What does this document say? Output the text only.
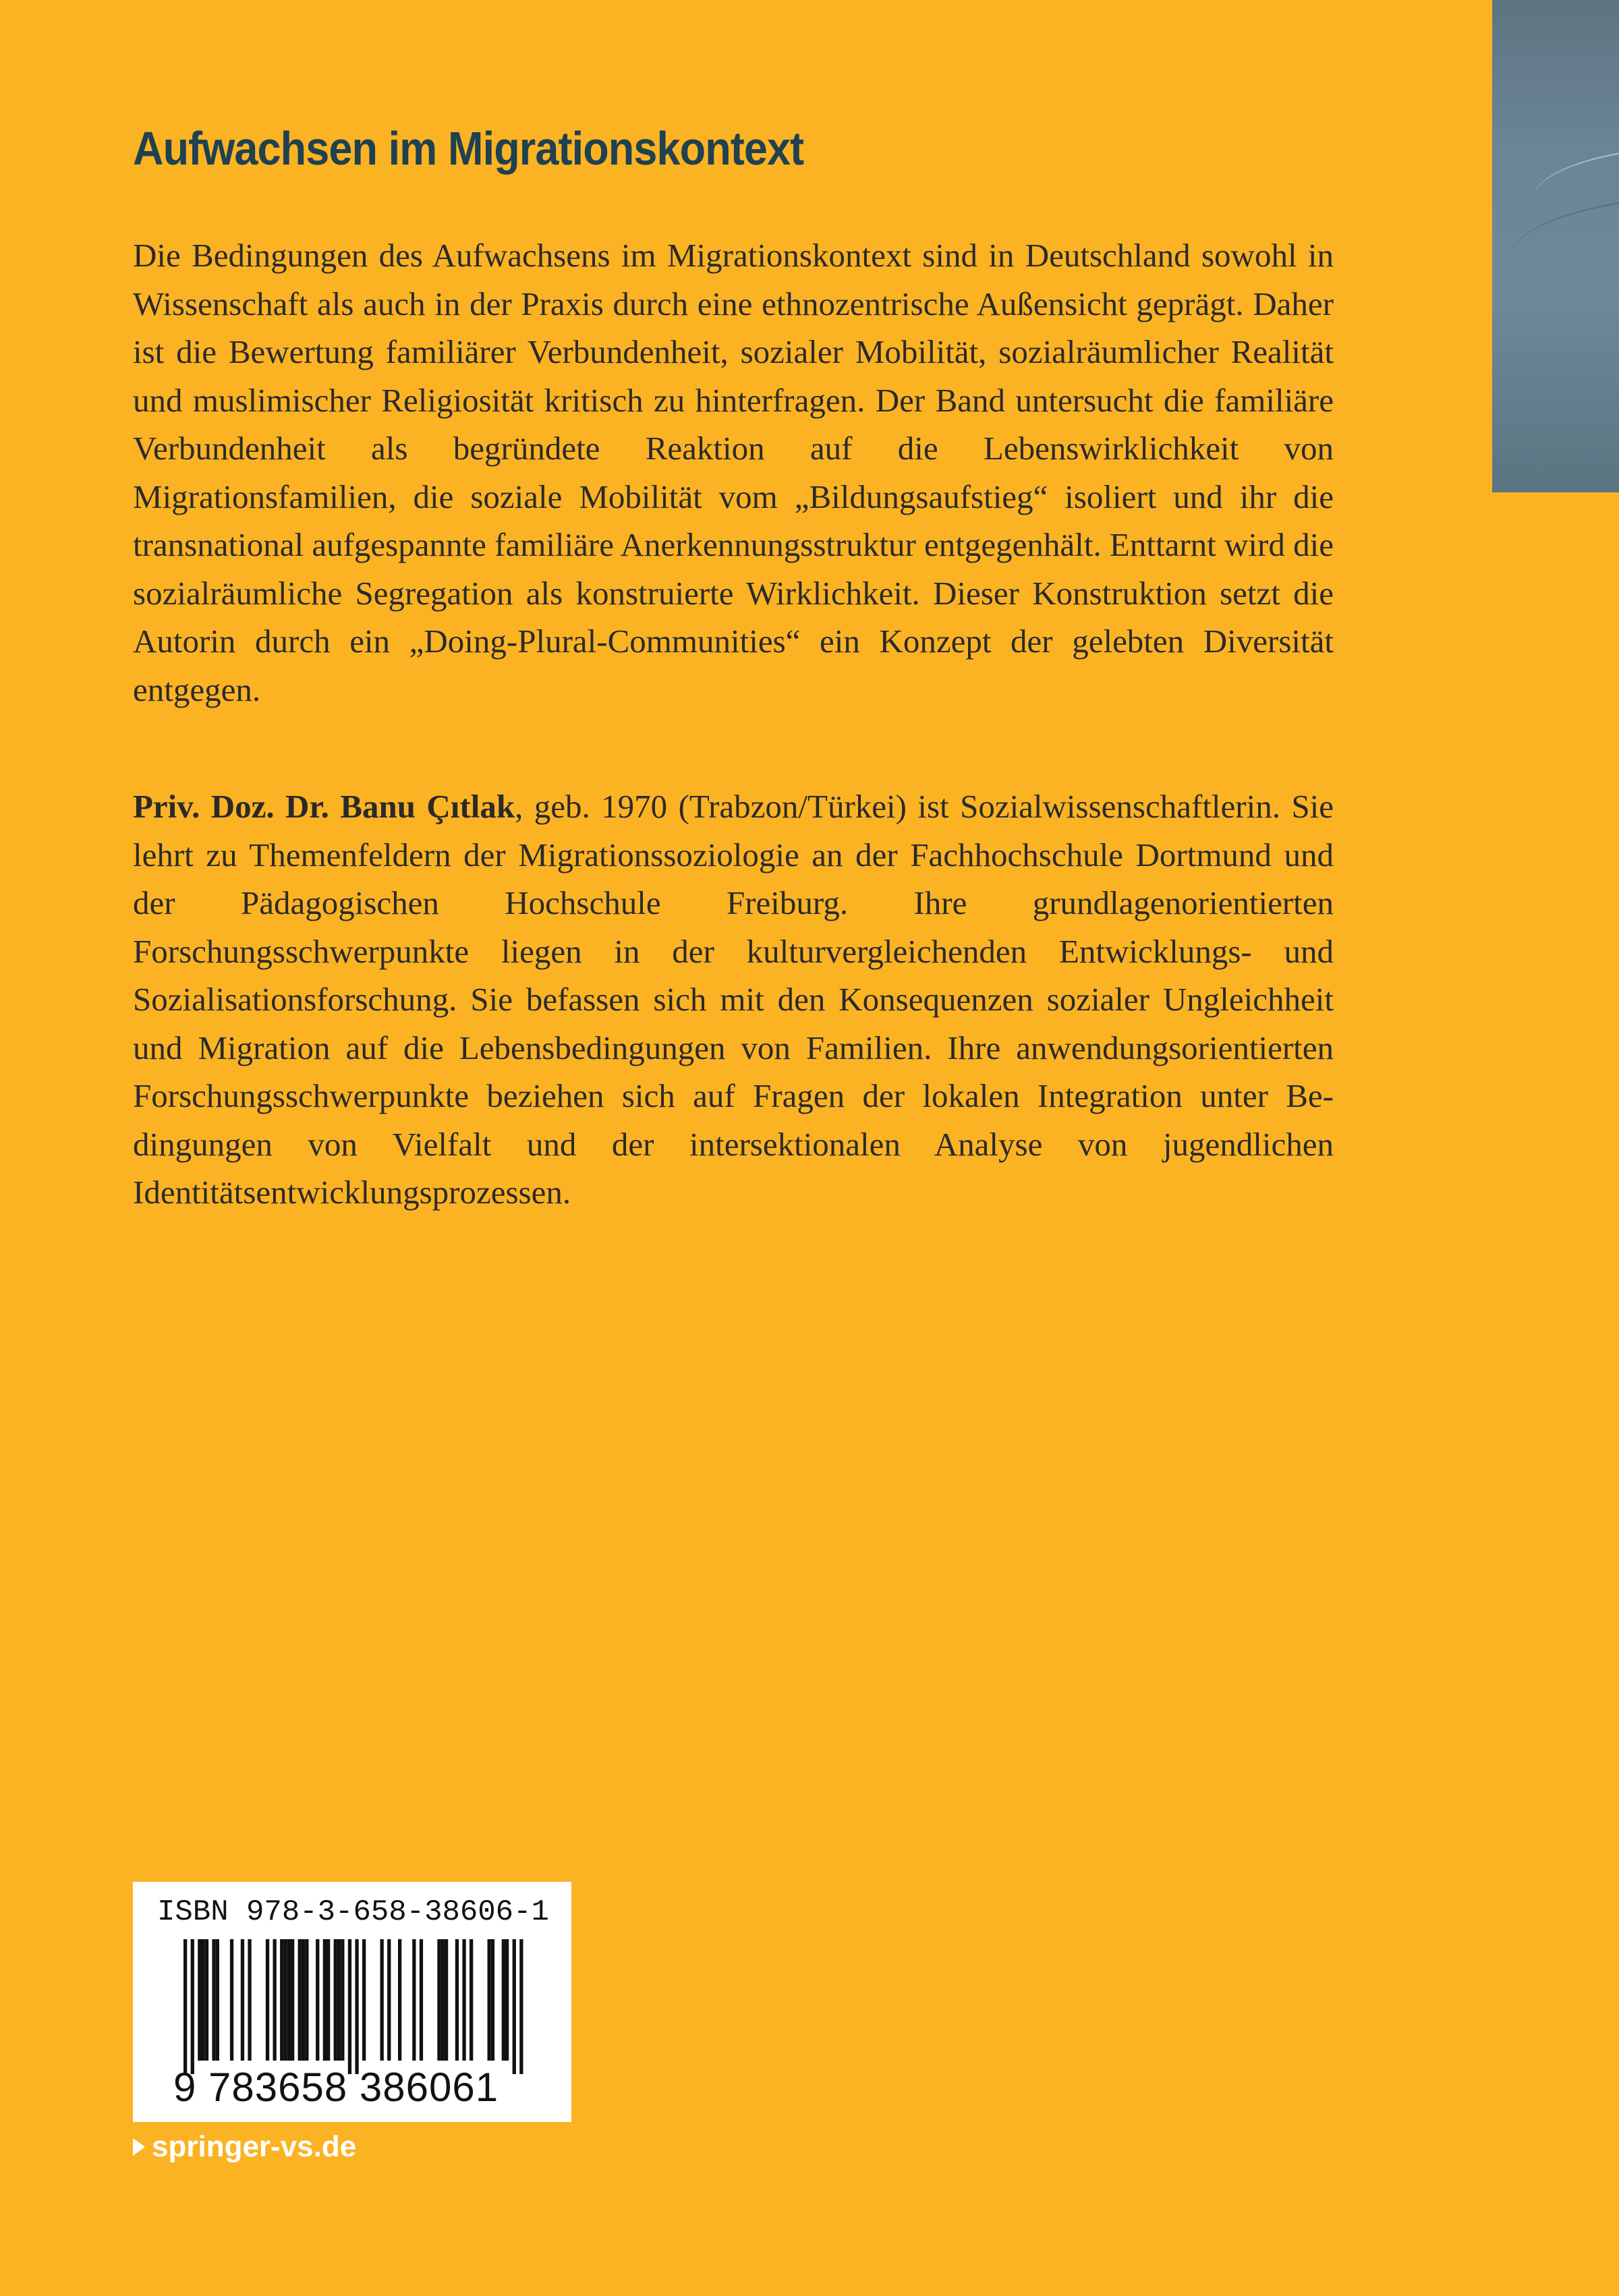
Aufwachsen im Migrationskontext

Die Bedingungen des Aufwachsens im Migrationskontext sind in Deutschland sowohl in Wissenschaft als auch in der Praxis durch eine ethnozentrische Außensicht geprägt. Daher ist die Bewertung familiärer Verbundenheit, sozialer Mobilität, sozialräumlicher Realität und muslimischer Religiosität kritisch zu hinterfragen. Der Band untersucht die familiäre Verbundenheit als begründete Reaktion auf die Lebenswirklichkeit von Migrationsfamilien, die soziale Mobilität vom „Bildungsaufstieg“ isoliert und ihr die transnational aufgespannte familiäre Anerkennungsstruktur entgegenhält. Enttarnt wird die sozialräumliche Segregation als konstruierte Wirklichkeit. Dieser Konstruktion setzt die Autorin durch ein „Doing-Plural-Communities“ ein Konzept der gelebten Diversität entgegen.

Priv. Doz. Dr. Banu Çıtlak, geb. 1970 (Trabzon/Türkei) ist Sozialwissenschaftlerin. Sie lehrt zu Themenfeldern der Migrationssoziologie an der Fachhochschule Dortmund und der Pädagogischen Hochschule Freiburg. Ihre grundlagenorientierten Forschungsschwerpunkte liegen in der kulturvergleichenden Entwicklungs- und Sozialisationsforschung. Sie befassen sich mit den Konsequenzen sozialer Ungleichheit und Migration auf die Lebensbedingungen von Familien. Ihre anwendungsorientierten Forschungsschwerpunkte beziehen sich auf Fragen der lokalen Integration unter Bedingungen von Vielfalt und der intersektionalen Analyse von jugendlichen Identitätsentwicklungsprozessen.

ISBN 978-3-658-38606-1
9 783658 386061
springer-vs.de
